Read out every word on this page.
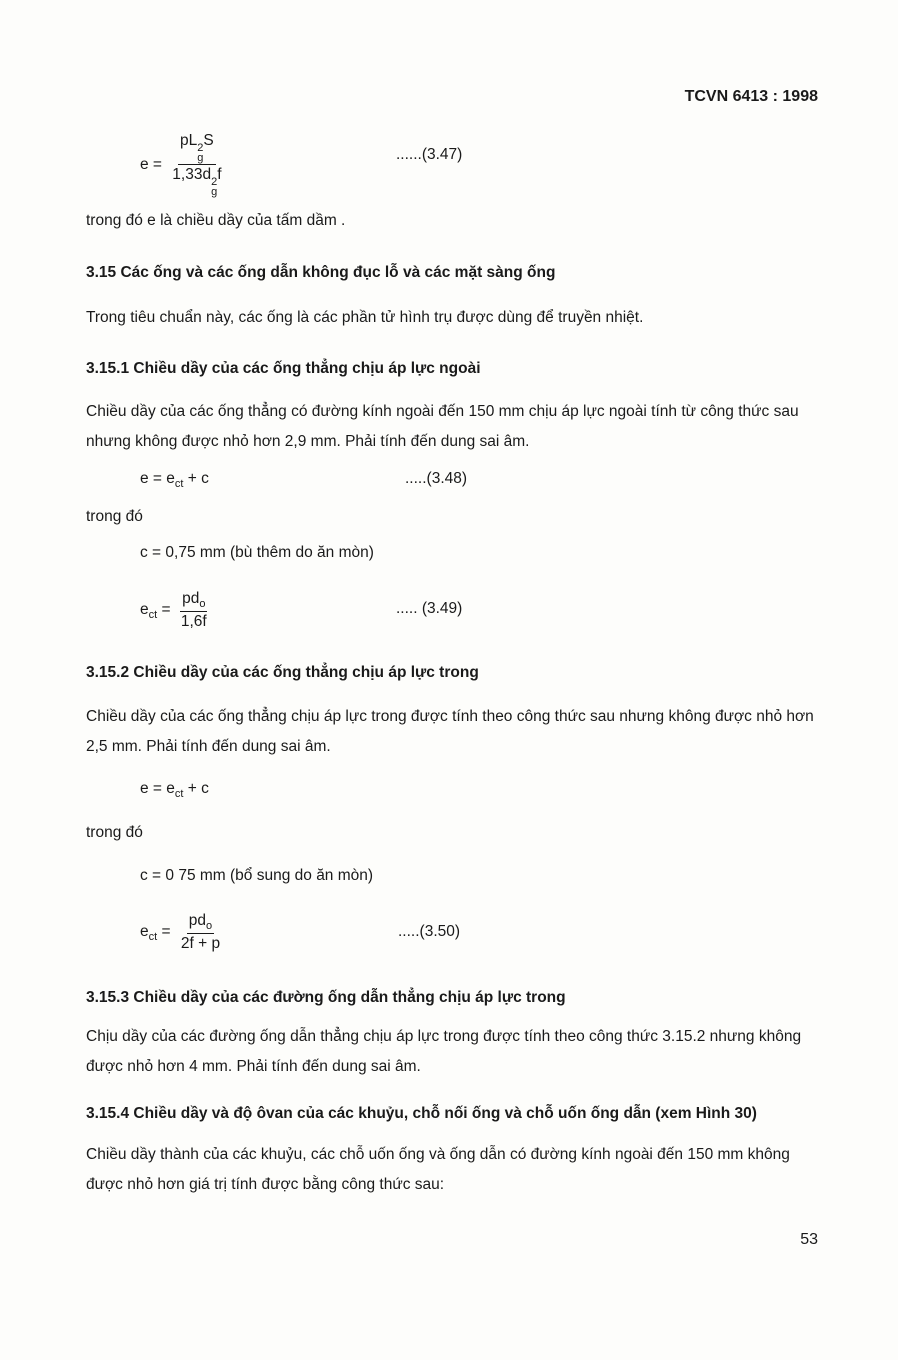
TCVN 6413 : 1998
e = pL 2
g
S
1,33d 2
g
f	......(3.47)
trong đó e là chiều dầy của tấm dầm .
3.15 Các ống và các ống dẫn không đục lỗ và các mặt sàng ống
Trong tiêu chuẩn này, các ống là các phần tử hình trụ được dùng để truyền nhiệt.
3.15.1 Chiều dầy của các ống thẳng chịu áp lực ngoài
Chiều dầy của các ống thẳng có đường kính ngoài đến 150 mm chịu áp lực ngoài tính từ công thức sau nhưng không được nhỏ hơn 2,9 mm. Phải tính đến dung sai âm.
$e = e_{ct} + c$	.....(3.48)
trong đó
c = 0,75 mm (bù thêm do ăn mòn)
$e_{ct} = \frac{pd_o}{1,6f}$	..... (3.49)
3.15.2 Chiều dầy của các ống thẳng chịu áp lực trong
Chiều dầy của các ống thẳng chịu áp lực trong được tính theo công thức sau nhưng không được nhỏ hơn 2,5 mm. Phải tính đến dung sai âm.
$e = e_{ct} + c$
trong đó
c = 0 75 mm (bổ sung do ăn mòn)
$e_{ct} = \frac{pd_o}{2f + p}$	.....(3.50)
3.15.3 Chiều dầy của các đường ống dẫn thẳng chịu áp lực trong
Chịu dầy của các đường ống dẫn thẳng chịu áp lực trong được tính theo công thức 3.15.2 nhưng không được nhỏ hơn 4 mm. Phải tính đến dung sai âm.
3.15.4 Chiều dầy và độ ôvan của các khuỷu, chỗ nối ống và chỗ uốn ống dẫn (xem Hình 30)
Chiều dầy thành của các khuỷu, các chỗ uốn ống và ống dẫn có đường kính ngoài đến 150 mm không được nhỏ hơn giá trị tính được bằng công thức sau:
53
